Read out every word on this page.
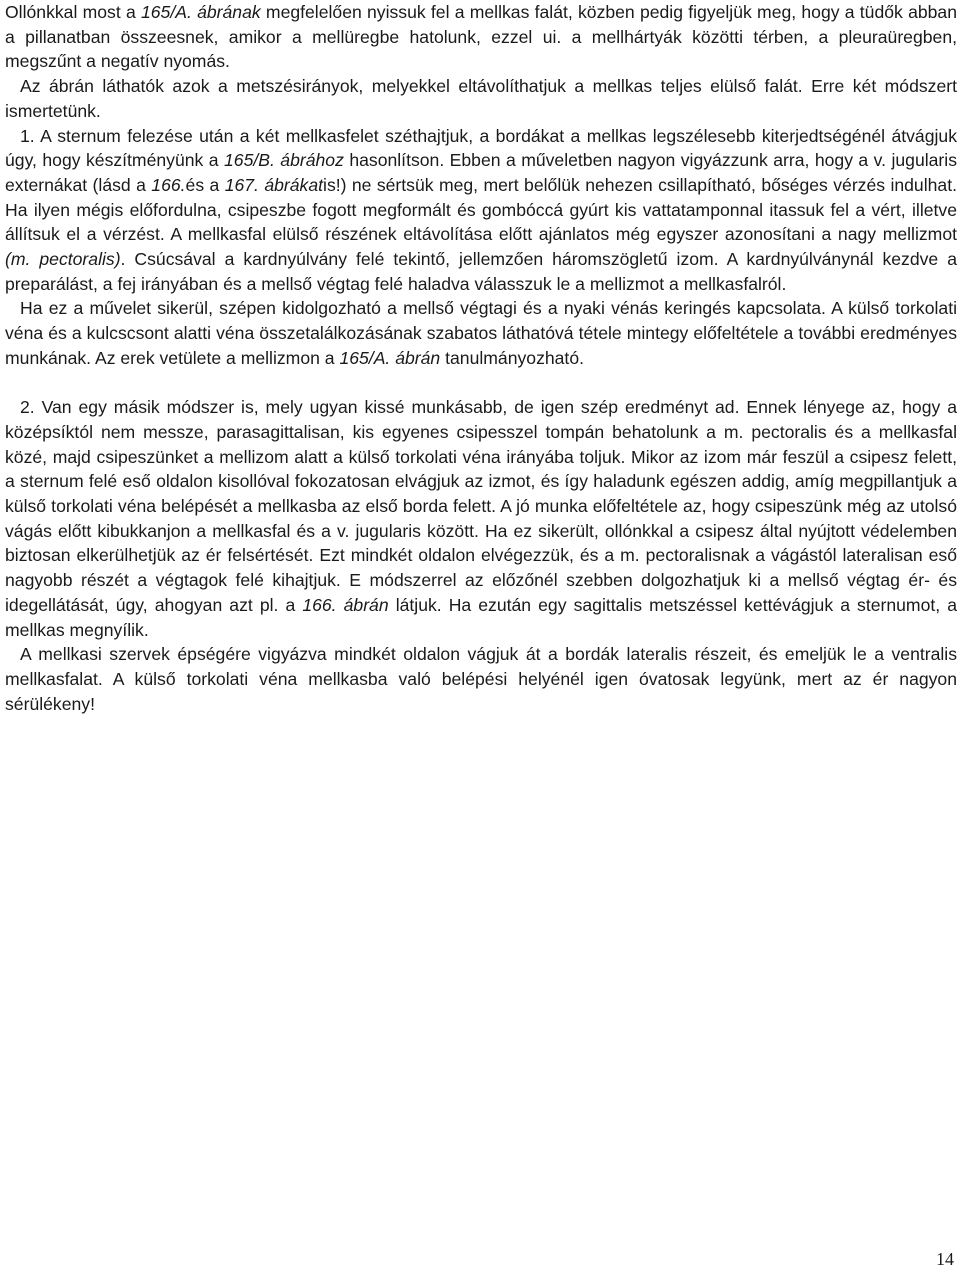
Ollónkkal most a 165/A. ábrának megfelelően nyissuk fel a mellkas falát, közben pedig figyeljük meg, hogy a tüdők abban a pillanatban összeesnek, amikor a mellüregbe hatolunk, ezzel ui. a mellhártyák közötti térben, a pleuraüregben, megszűnt a negatív nyomás.

Az ábrán láthatók azok a metszésirányok, melyekkel eltávolíthatjuk a mellkas teljes elülső falát. Erre két módszert ismertetünk.

1. A sternum felezése után a két mellkasfelet széthajtjuk, a bordákat a mellkas legszélesebb kiterjedtségénél átvágjuk úgy, hogy készítményünk a 165/B. ábrához hasonlítson. Ebben a műveletben nagyon vigyázzunk arra, hogy a v. jugularis externákat (lásd a 166.és a 167. ábrákatis!) ne sértsük meg, mert belőlük nehezen csillapítható, bőséges vérzés indulhat. Ha ilyen mégis előfordulna, csipeszbe fogott megformált és gombóccá gyúrt kis vattatamponnal itassuk fel a vért, illetve állítsuk el a vérzést. A mellkasfal elülső részének eltávolítása előtt ajánlatos még egyszer azonosítani a nagy mellizmot (m. pectoralis). Csúcsával a kardnyúlvány felé tekintő, jellemzően háromszögletű izom. A kardnyúlványnál kezdve a preparálást, a fej irányában és a mellső végtag felé haladva válasszuk le a mellizmot a mellkasfalról.

Ha ez a művelet sikerül, szépen kidolgozható a mellső végtagi és a nyaki vénás keringés kapcsolata. A külső torkolati véna és a kulcscsont alatti véna összetalálkozásának szabatos láthatóvá tétele mintegy előfeltétele a további eredményes munkának. Az erek vetülete a mellizmon a 165/A. ábrán tanulmányozható.

2. Van egy másik módszer is, mely ugyan kissé munkásabb, de igen szép eredményt ad. Ennek lényege az, hogy a középsíktól nem messze, parasagittalisan, kis egyenes csipesszel tompán behatolunk a m. pectoralis és a mellkasfal közé, majd csipeszünket a mellizom alatt a külső torkolati véna irányába toljuk. Mikor az izom már feszül a csipesz felett, a sternum felé eső oldalon kisollóval fokozatosan elvágjuk az izmot, és így haladunk egészen addig, amíg megpillantjuk a külső torkolati véna belépését a mellkasba az első borda felett. A jó munka előfeltétele az, hogy csipeszünk még az utolsó vágás előtt kibukkanjon a mellkasfal és a v. jugularis között. Ha ez sikerült, ollónkkal a csipesz által nyújtott védelemben biztosan elkerülhetjük az ér felsértését. Ezt mindkét oldalon elvégezzük, és a m. pectoralisnak a vágástól lateralisan eső nagyobb részét a végtagok felé kihajtjuk. E módszerrel az előzőnél szebben dolgozhatjuk ki a mellső végtag ér- és idegellátását, úgy, ahogyan azt pl. a 166. ábrán látjuk. Ha ezután egy sagittalis metszéssel kettévágjuk a sternumot, a mellkas megnyílik.

A mellkasi szervek épségére vigyázva mindkét oldalon vágjuk át a bordák lateralis részeit, és emeljük le a ventralis mellkasfalat. A külső torkolati véna mellkasba való belépési helyénél igen óvatosak legyünk, mert az ér nagyon sérülékeny!

14
